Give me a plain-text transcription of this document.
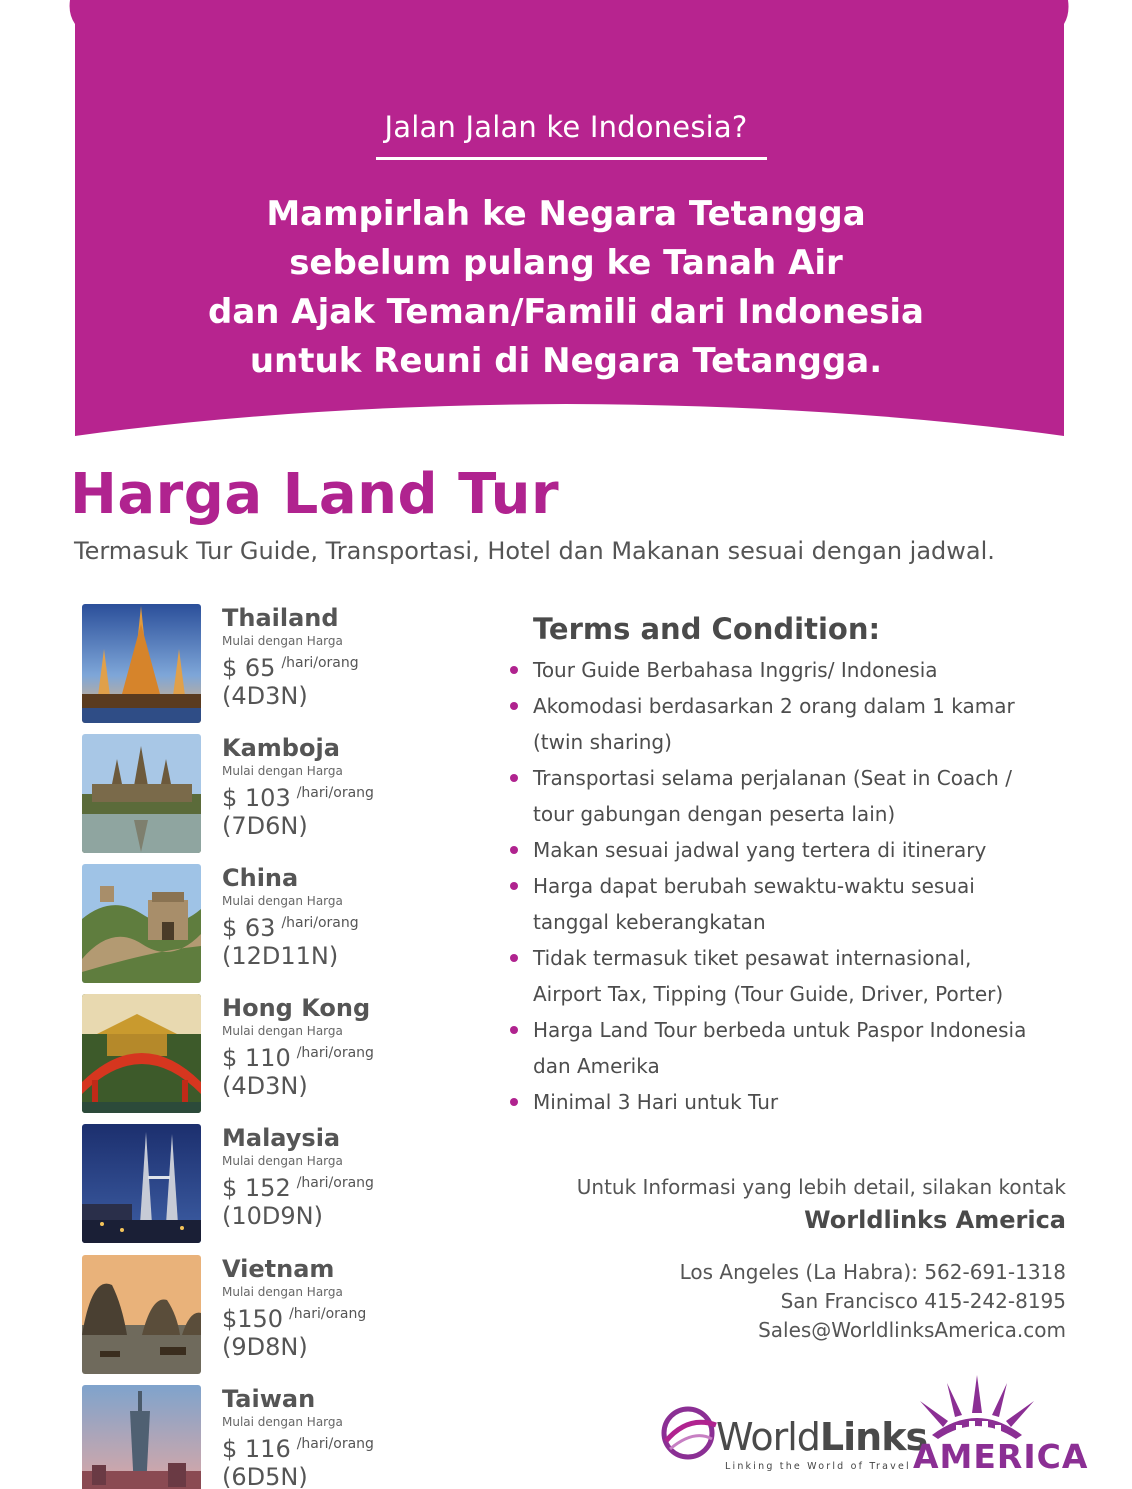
Jalan Jalan ke Indonesia?
Mampirlah ke Negara Tetangga
sebelum pulang ke Tanah Air
dan Ajak Teman/Famili dari Indonesia
untuk Reuni di Negara Tetangga.
Harga Land Tur
Termasuk Tur Guide, Transportasi, Hotel dan Makanan sesuai dengan jadwal.
Thailand
Mulai dengan Harga
$ 65 $^{/hari/orang}$
(4D3N)
Kamboja
Mulai dengan Harga
$ 103 $^{/hari/orang}$
(7D6N)
China
Mulai dengan Harga
$ 63 $^{/hari/orang}$
(12D11N)
Hong Kong
Mulai dengan Harga
$ 110 $^{/hari/orang}$
(4D3N)
Malaysia
Mulai dengan Harga
$ 152 $^{/hari/orang}$
(10D9N)
Vietnam
Mulai dengan Harga
$150 $^{/hari/orang}$
(9D8N)
Taiwan
Mulai dengan Harga
$ 116 $^{/hari/orang}$
(6D5N)
Terms and Condition:
Tour Guide Berbahasa Inggris/ Indonesia
Akomodasi berdasarkan 2 orang dalam 1 kamar
(twin sharing)
Transportasi selama perjalanan (Seat in Coach /
tour gabungan dengan peserta lain)
Makan sesuai jadwal yang tertera di itinerary
Harga dapat berubah sewaktu-waktu sesuai
tanggal keberangkatan
Tidak termasuk tiket pesawat internasional,
Airport Tax, Tipping (Tour Guide, Driver, Porter)
Harga Land Tour berbeda untuk Paspor Indonesia
dan Amerika
Minimal 3 Hari untuk Tur
Untuk Informasi yang lebih detail, silakan kontak
Worldlinks America
Los Angeles (La Habra): 562-691-1318
San Francisco 415-242-8195
Sales@WorldlinksAmerica.com
WorldLinks
Linking the World of Travel AMERICA
